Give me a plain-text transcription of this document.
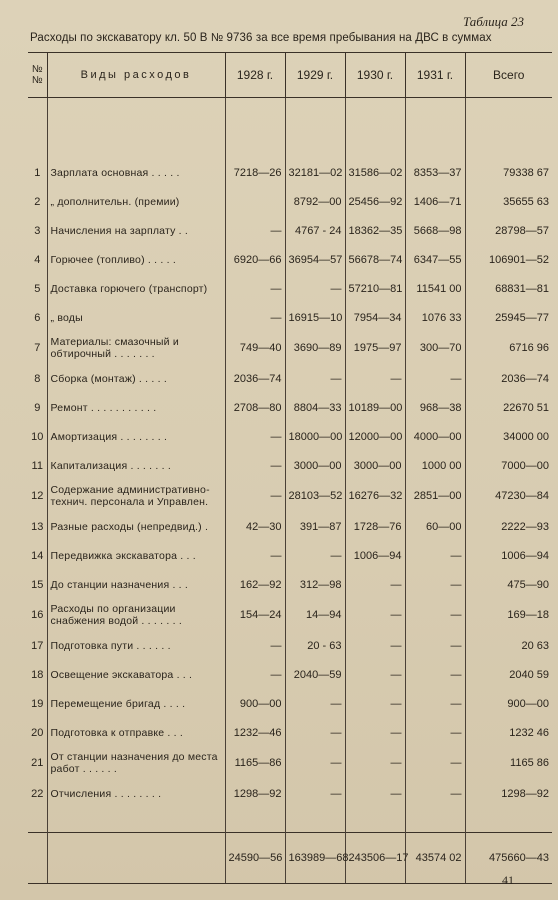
Таблица 23
Расходы по экскаватору кл. 50 В № 9736 за все время пребывания на ДВС в суммах
№ №	Виды расходов	1928 г.	1929 г.	1930 г.	1931 г.	Всего

1	Зарплата основная . . . . .	7218—26	32181—02	31586—02	8353—37	79338 67
2	„ дополнительн. (премии)		8792—00	25456—92	1406—71	35655 63
3	Начисления на зарплату . .	—	4767 - 24	18362—35	5668—98	28798—57
4	Горючее (топливо) . . . . .	6920—66	36954—57	56678—74	6347—55	106901—52
5	Доставка горючего (транспорт)	—	—	57210—81	11541 00	68831—81
6	„ воды	—	16915—10	7954—34	1076 33	25945—77
7	Материалы: смазочный и обтирочный . . . . . . .	749—40	3690—89	1975—97	300—70	6716 96
8	Сборка (монтаж) . . . . .	2036—74	—	—	—	2036—74
9	Ремонт . . . . . . . . . . .	2708—80	8804—33	10189—00	968—38	22670 51
10	Амортизация . . . . . . . .	—	18000—00	12000—00	4000—00	34000 00
11	Капитализация . . . . . . .	—	3000—00	3000—00	1000 00	7000—00
12	Содержание административно-технич. персонала и Управлен.	—	28103—52	16276—32	2851—00	47230—84
13	Разные расходы (непредвид.) .	42—30	391—87	1728—76	60—00	2222—93
14	Передвижка экскаватора . . .	—	—	1006—94	—	1006—94
15	До станции назначения . . .	162—92	312—98	—	—	475—90
16	Расходы по организации снабжения водой . . . . . . .	154—24	14—94	—	—	169—18
17	Подготовка пути . . . . . .	—	20 - 63	—	—	20 63
18	Освещение экскаватора . . .	—	2040—59	—	—	2040 59
19	Перемещение бригад . . . .	900—00	—	—	—	900—00
20	Подготовка к отправке . . .	1232—46	—	—	—	1232 46
21	От станции назначения до места работ . . . . . .	1165—86	—	—	—	1165 86
22	Отчисления . . . . . . . .	1298—92	—	—	—	1298—92

		24590—56	163989—68	243506—17	43574 02	475660—43
41
